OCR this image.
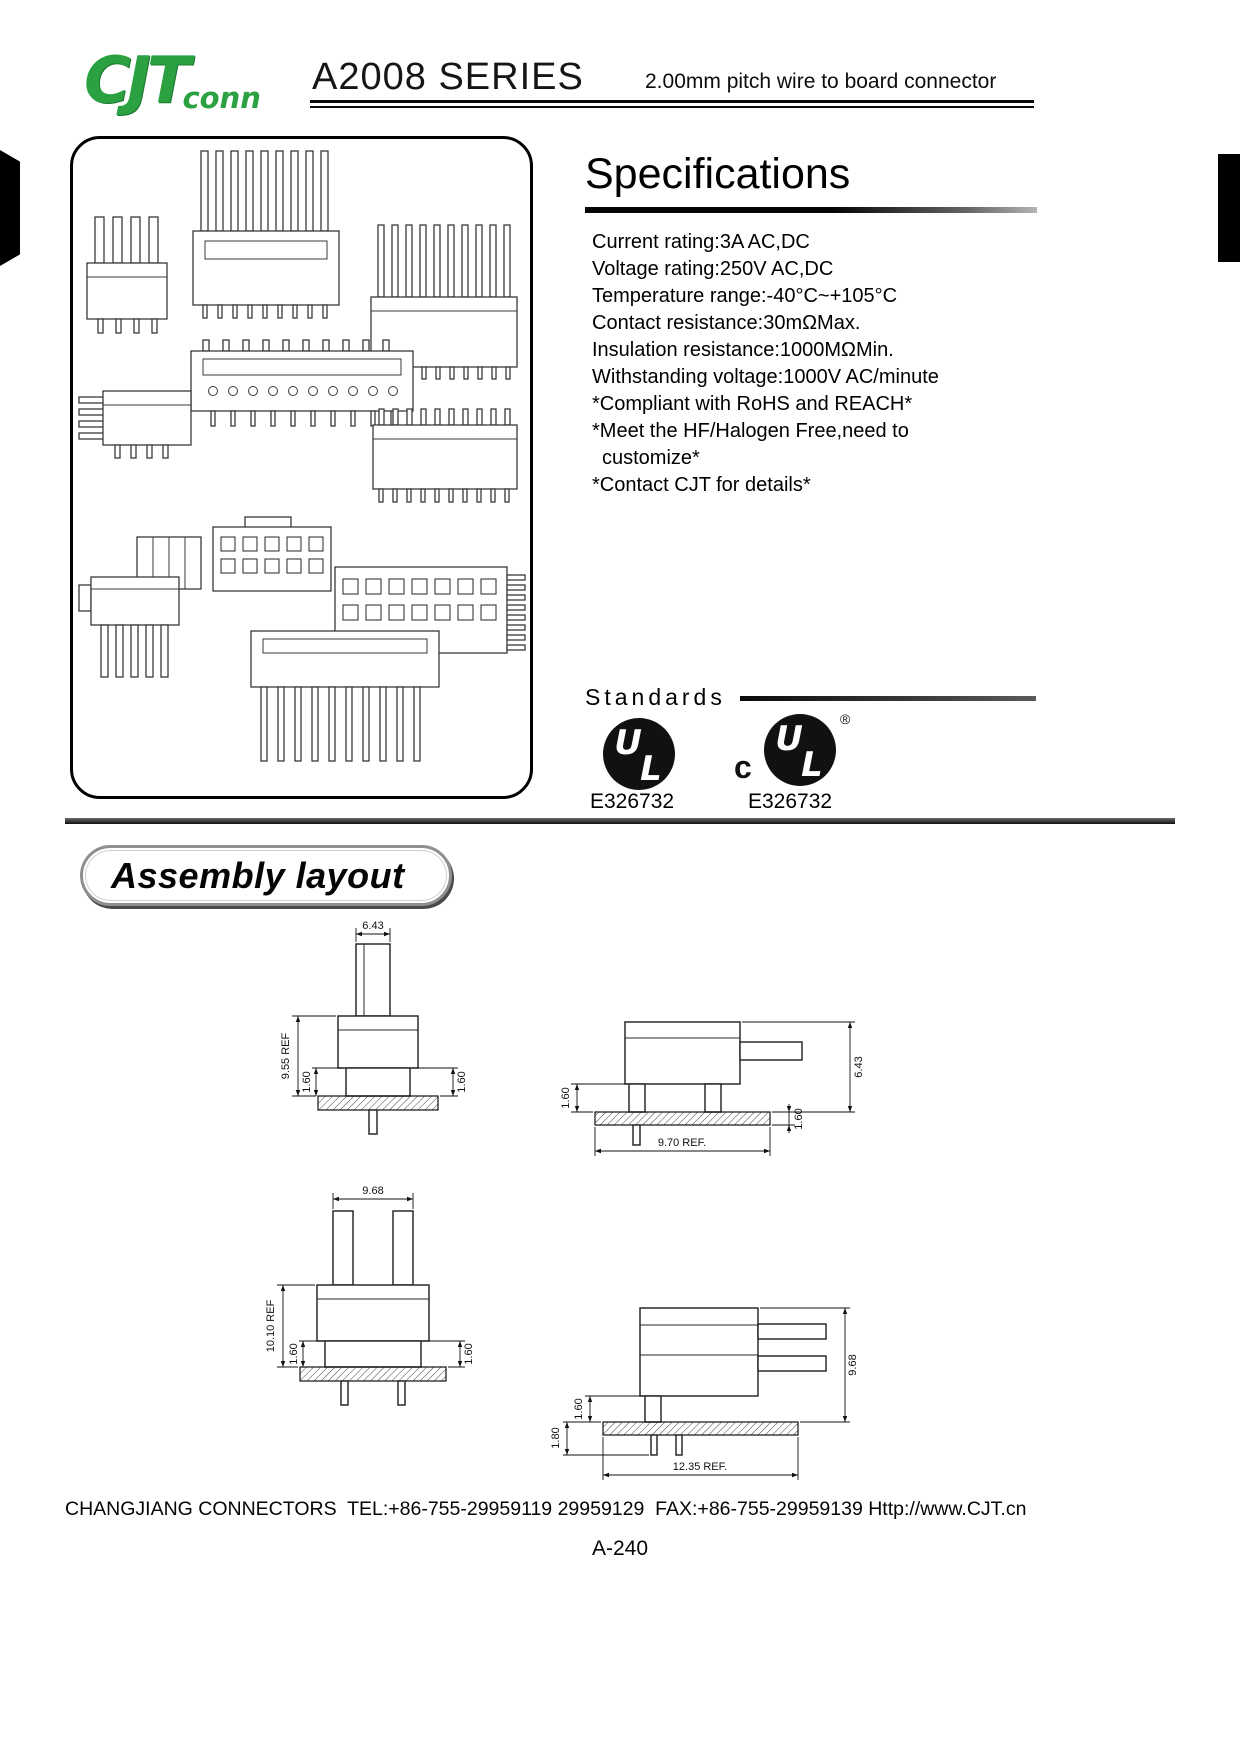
CJTconn A2008 SERIES	2.00mm pitch wire to board connector
Specifications
Current rating:3A AC,DC
Voltage rating:250V AC,DC
Temperature range:-40°C~+105°C
Contact resistance:30mΩMax.
Insulation resistance:1000MΩMin.
Withstanding voltage:1000V AC/minute
*Compliant with RoHS and REACH*
*Meet the HF/Halogen Free,need to
customize*
*Contact CJT for details*
Standards
U
L c
U
L
®
E326732	E326732
Assembly layout
6.43
9.55 REF
1.60	1.60
1.60
9.70 REF.
1.60
6.43
9.68
10.10 REF
1.60	1.60
1.60
1.80
9.68
12.35 REF.
CHANGJIANG CONNECTORS  TEL:+86-755-29959119 29959129  FAX:+86-755-29959139 Http://www.CJT.cn
A-240
